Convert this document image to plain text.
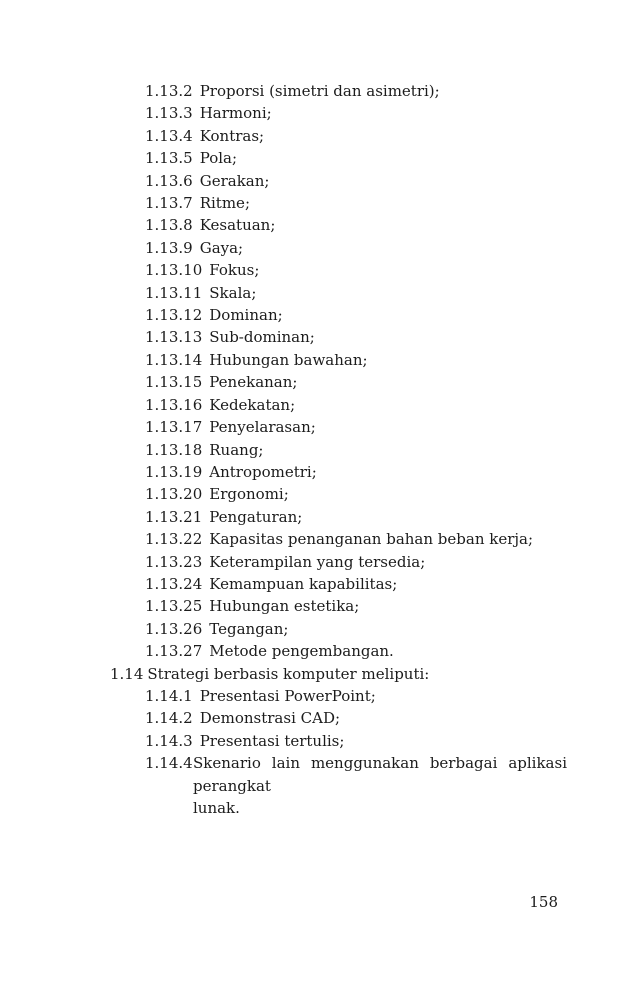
1.13.2 Proporsi (simetri dan asimetri);
1.13.3 Harmoni;
1.13.4 Kontras;
1.13.5 Pola;
1.13.6 Gerakan;
1.13.7 Ritme;
1.13.8 Kesatuan;
1.13.9 Gaya;
1.13.10 Fokus;
1.13.11 Skala;
1.13.12 Dominan;
1.13.13 Sub-dominan;
1.13.14 Hubungan bawahan;
1.13.15 Penekanan;
1.13.16 Kedekatan;
1.13.17 Penyelarasan;
1.13.18 Ruang;
1.13.19 Antropometri;
1.13.20 Ergonomi;
1.13.21 Pengaturan;
1.13.22 Kapasitas penanganan bahan beban kerja;
1.13.23 Keterampilan yang tersedia;
1.13.24 Kemampuan kapabilitas;
1.13.25 Hubungan estetika;
1.13.26 Tegangan;
1.13.27 Metode pengembangan.
1.14 Strategi berbasis komputer meliputi:
1.14.1 Presentasi PowerPoint;
1.14.2 Demonstrasi CAD;
1.14.3 Presentasi tertulis;
1.14.4 Skenario lain menggunakan berbagai aplikasi perangkat
lunak.
158
